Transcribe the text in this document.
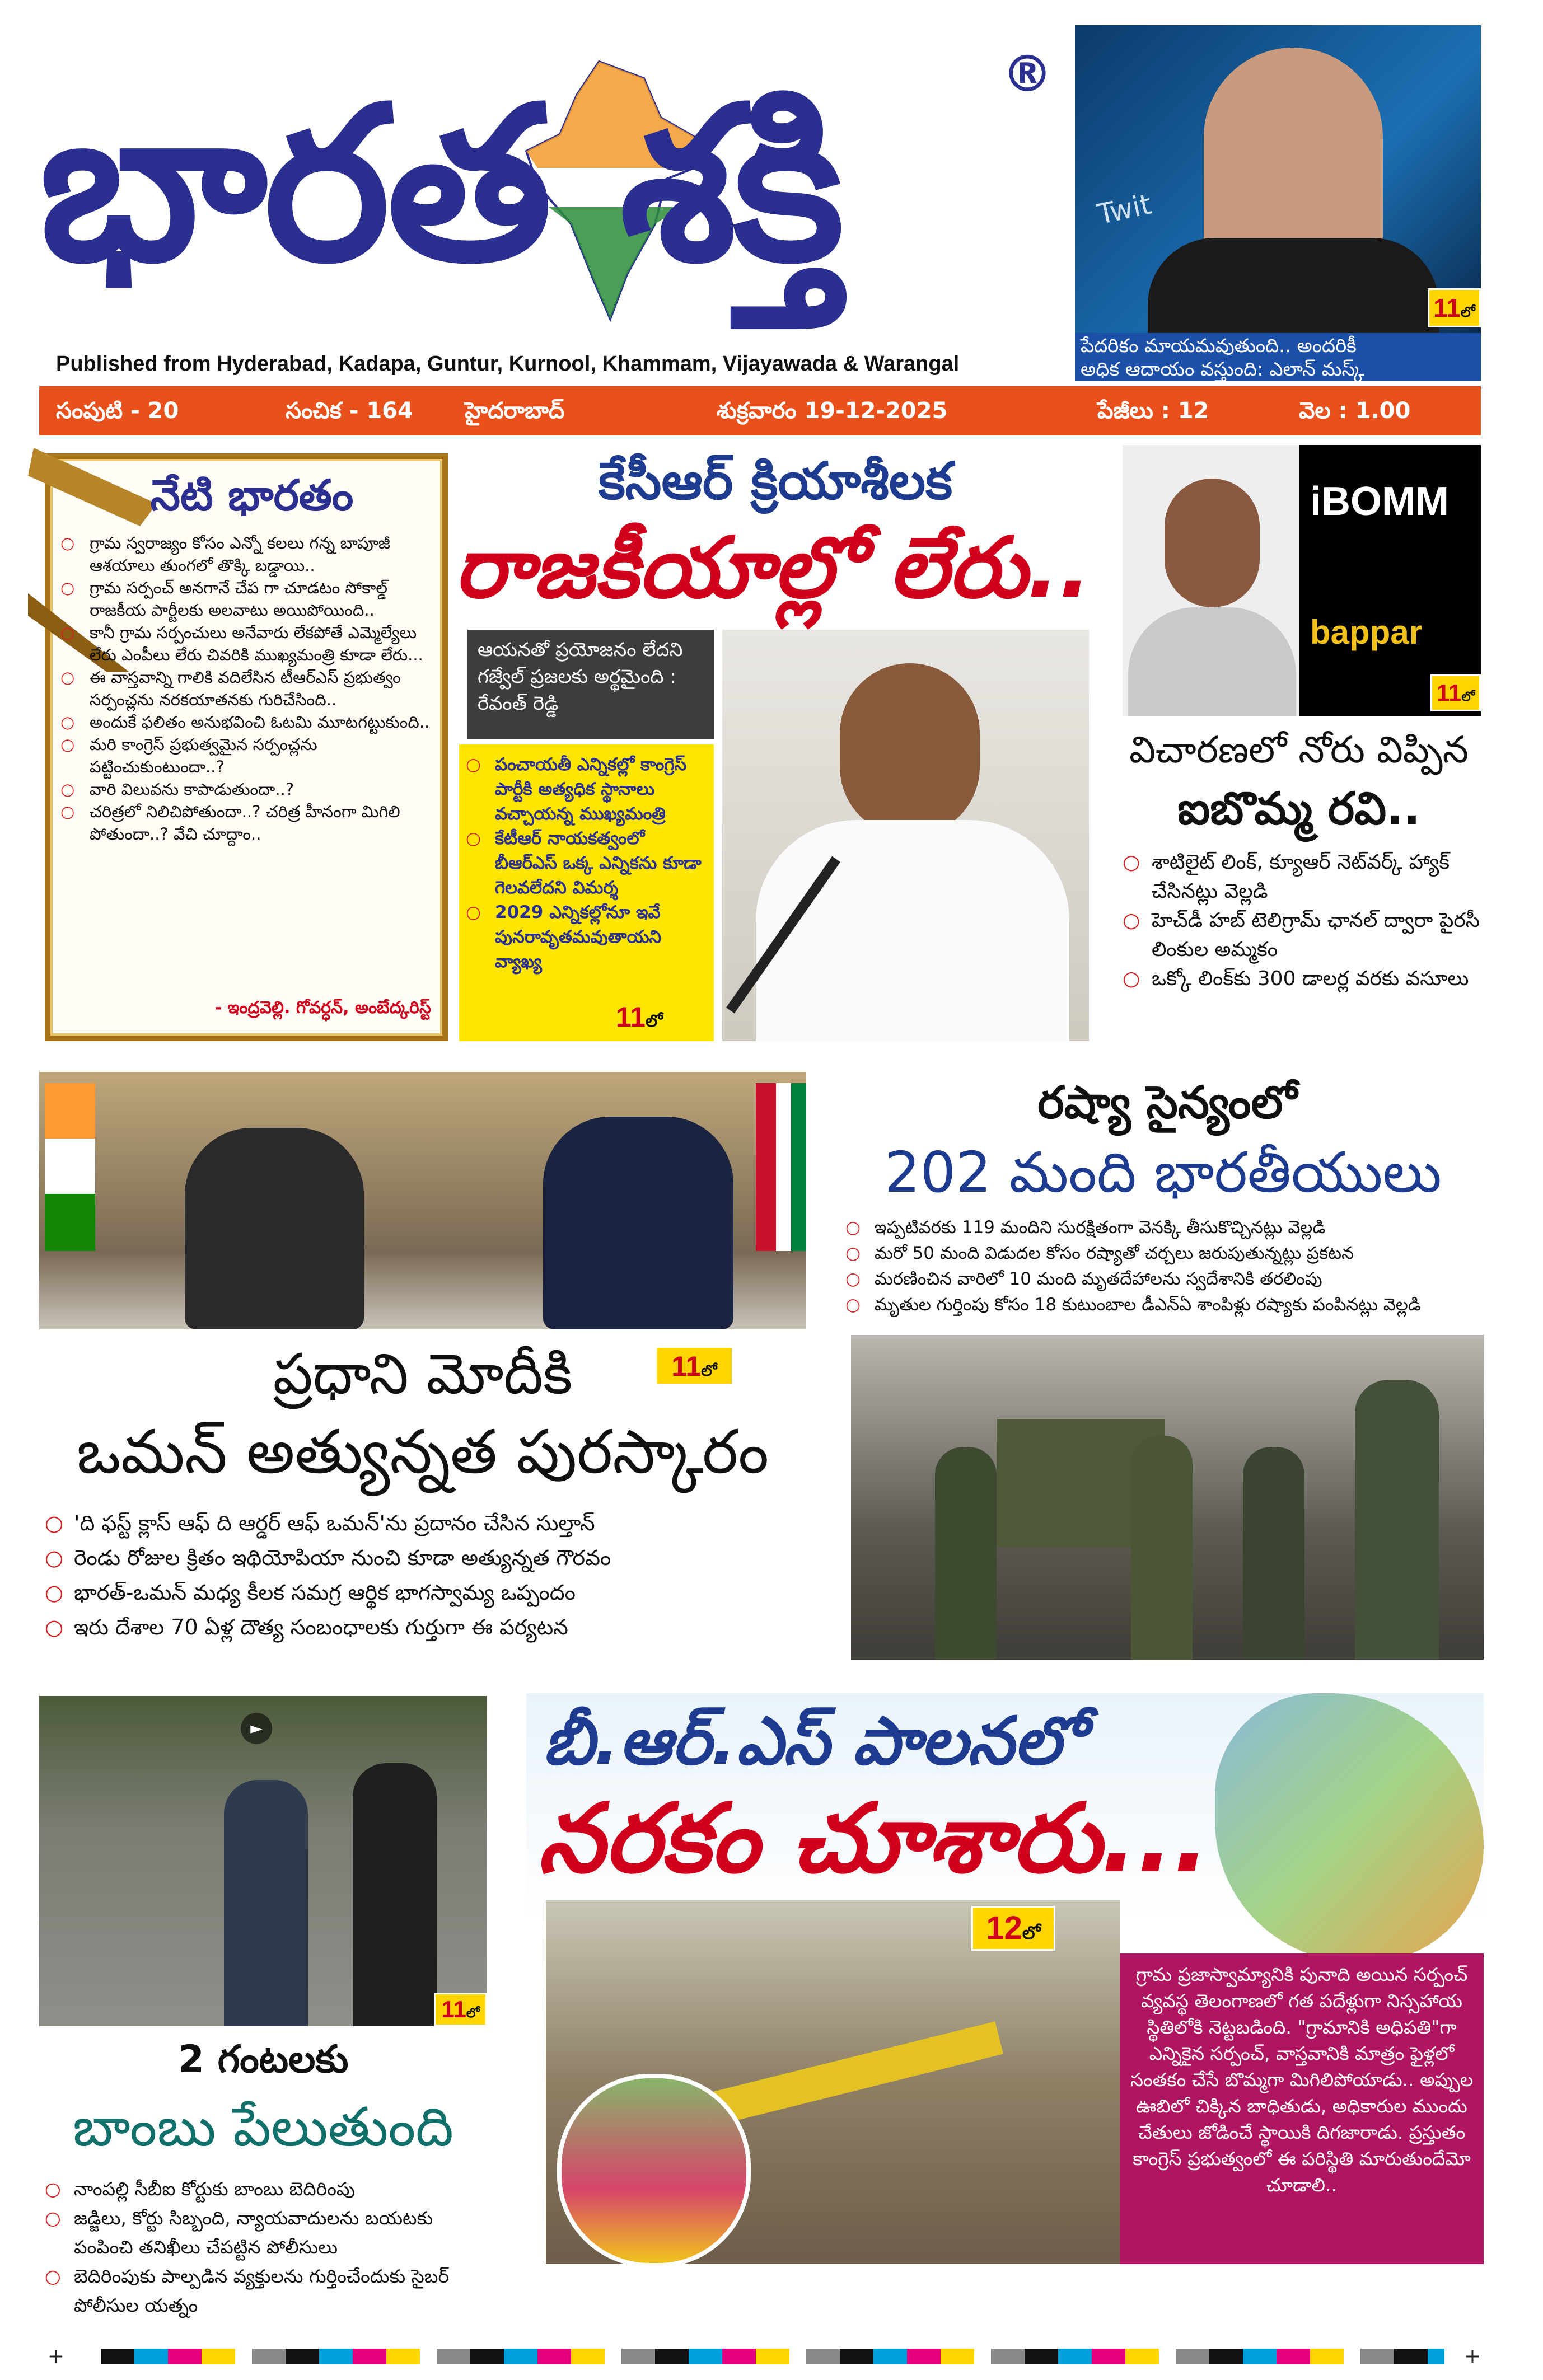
భారత శక్తి	®
Published from Hyderabad, Kadapa, Guntur, Kurnool, Khammam, Vijayawada & Warangal
Twit
11లో
పేదరికం మాయమవుతుంది.. అందరికీ
అధిక ఆదాయం వస్తుంది: ఎలాన్ మస్క్
సంపుటి - 20	సంచిక - 164 హైదరాబాద్	శుక్రవారం 19-12-2025	పేజీలు : 12	వెల : 1.00
నేటి భారతం
○ గ్రామ స్వరాజ్యం కోసం ఎన్నో కలలు గన్న బాపూజీ ఆశయాలు తుంగలో తొక్కి బడ్డాయి..
○ గ్రామ సర్పంచ్ అనగానే చేప గా చూడటం సోకాల్డ్ రాజకీయ పార్టీలకు అలవాటు అయిపోయింది..
○ కానీ గ్రామ సర్పంచులు అనేవారు లేకపోతే ఎమ్మెల్యేలు లేరు ఎంపీలు లేరు చివరికి ముఖ్యమంత్రి కూడా లేరు...
○ ఈ వాస్తవాన్ని గాలికి వదిలేసిన టీఆర్ఎస్ ప్రభుత్వం సర్పంచ్లను నరకయాతనకు గురిచేసింది..
○ అందుకే ఫలితం అనుభవించి ఓటమి మూటగట్టుకుంది..
○ మరి కాంగ్రెస్ ప్రభుత్వమైన సర్పంచ్లను పట్టించుకుంటుందా..?
○ వారి విలువను కాపాడుతుందా..?
○ చరిత్రలో నిలిచిపోతుందా..? చరిత్ర హీనంగా మిగిలి పోతుందా..? వేచి చూద్దాం..
- ఇంద్రవెల్లి. గోవర్ధన్, అంబేద్కరిస్ట్
కేసీఆర్ క్రియాశీలక
రాజకీయాల్లో లేరు..
ఆయనతో ప్రయోజనం లేదని గజ్వేల్ ప్రజలకు అర్థమైంది : రేవంత్ రెడ్డి
○ పంచాయతీ ఎన్నికల్లో కాంగ్రెస్ పార్టీకి అత్యధిక స్థానాలు వచ్చాయన్న ముఖ్యమంత్రి
○ కేటీఆర్ నాయకత్వంలో బీఆర్ఎస్ ఒక్క ఎన్నికను కూడా గెలవలేదని విమర్శ
○ 2029 ఎన్నికల్లోనూ ఇవే పునరావృతమవుతాయని వ్యాఖ్య
11లో
iBOMM
bappar
11లో
విచారణలో నోరు విప్పిన
ఐబొమ్మ రవి..
○ శాటిలైట్ లింక్, క్యూఆర్ నెట్‌వర్క్ హ్యాక్ చేసినట్లు వెల్లడి
○ హెచ్‌డీ హబ్ టెలిగ్రామ్ ఛానల్ ద్వారా పైరసీ లింకుల అమ్మకం
○ ఒక్కో లింక్‌కు 300 డాలర్ల వరకు వసూలు
ప్రధాని మోదీకి	11లో
ఒమన్ అత్యున్నత పురస్కారం
○ 'ది ఫస్ట్ క్లాస్ ఆఫ్ ది ఆర్డర్ ఆఫ్ ఒమన్'ను ప్రదానం చేసిన సుల్తాన్
○ రెండు రోజుల క్రితం ఇథియోపియా నుంచి కూడా అత్యున్నత గౌరవం
○ భారత్-ఒమన్ మధ్య కీలక సమగ్ర ఆర్థిక భాగస్వామ్య ఒప్పందం
○ ఇరు దేశాల 70 ఏళ్ల దౌత్య సంబంధాలకు గుర్తుగా ఈ పర్యటన
రష్యా సైన్యంలో
202 మంది భారతీయులు
○ ఇప్పటివరకు 119 మందిని సురక్షితంగా వెనక్కి తీసుకొచ్చినట్లు వెల్లడి
○ మరో 50 మంది విడుదల కోసం రష్యాతో చర్చలు జరుపుతున్నట్లు ప్రకటన
○ మరణించిన వారిలో 10 మంది మృతదేహాలను స్వదేశానికి తరలింపు
○ మృతుల గుర్తింపు కోసం 18 కుటుంబాల డీఎన్ఏ శాంపిళ్లు రష్యాకు పంపినట్లు వెల్లడి
►
11లో
2 గంటలకు
బాంబు పేలుతుంది
○ నాంపల్లి సీబీఐ కోర్టుకు బాంబు బెదిరింపు
○ జడ్జిలు, కోర్టు సిబ్బంది, న్యాయవాదులను బయటకు పంపించి తనిఖీలు చేపట్టిన పోలీసులు
○ బెదిరింపుకు పాల్పడిన వ్యక్తులను గుర్తించేందుకు సైబర్ పోలీసుల యత్నం
బీ.ఆర్.ఎస్ పాలనలో
నరకం చూశారు...
12లో
గ్రామ ప్రజాస్వామ్యానికి పునాది అయిన సర్పంచ్ వ్యవస్థ తెలంగాణలో గత పదేళ్లుగా నిస్సహాయ స్థితిలోకి నెట్టబడింది. "గ్రామానికి అధిపతి"గా ఎన్నికైన సర్పంచ్, వాస్తవానికి మాత్రం ఫైళ్లలో సంతకం చేసే బొమ్మగా మిగిలిపోయాడు.. అప్పుల ఊబిలో చిక్కిన బాధితుడు, అధికారుల ముందు చేతులు జోడించే స్థాయికి దిగజారాడు. ప్రస్తుతం కాంగ్రెస్ ప్రభుత్వంలో ఈ పరిస్థితి మారుతుందేమో చూడాలి..
+	+
